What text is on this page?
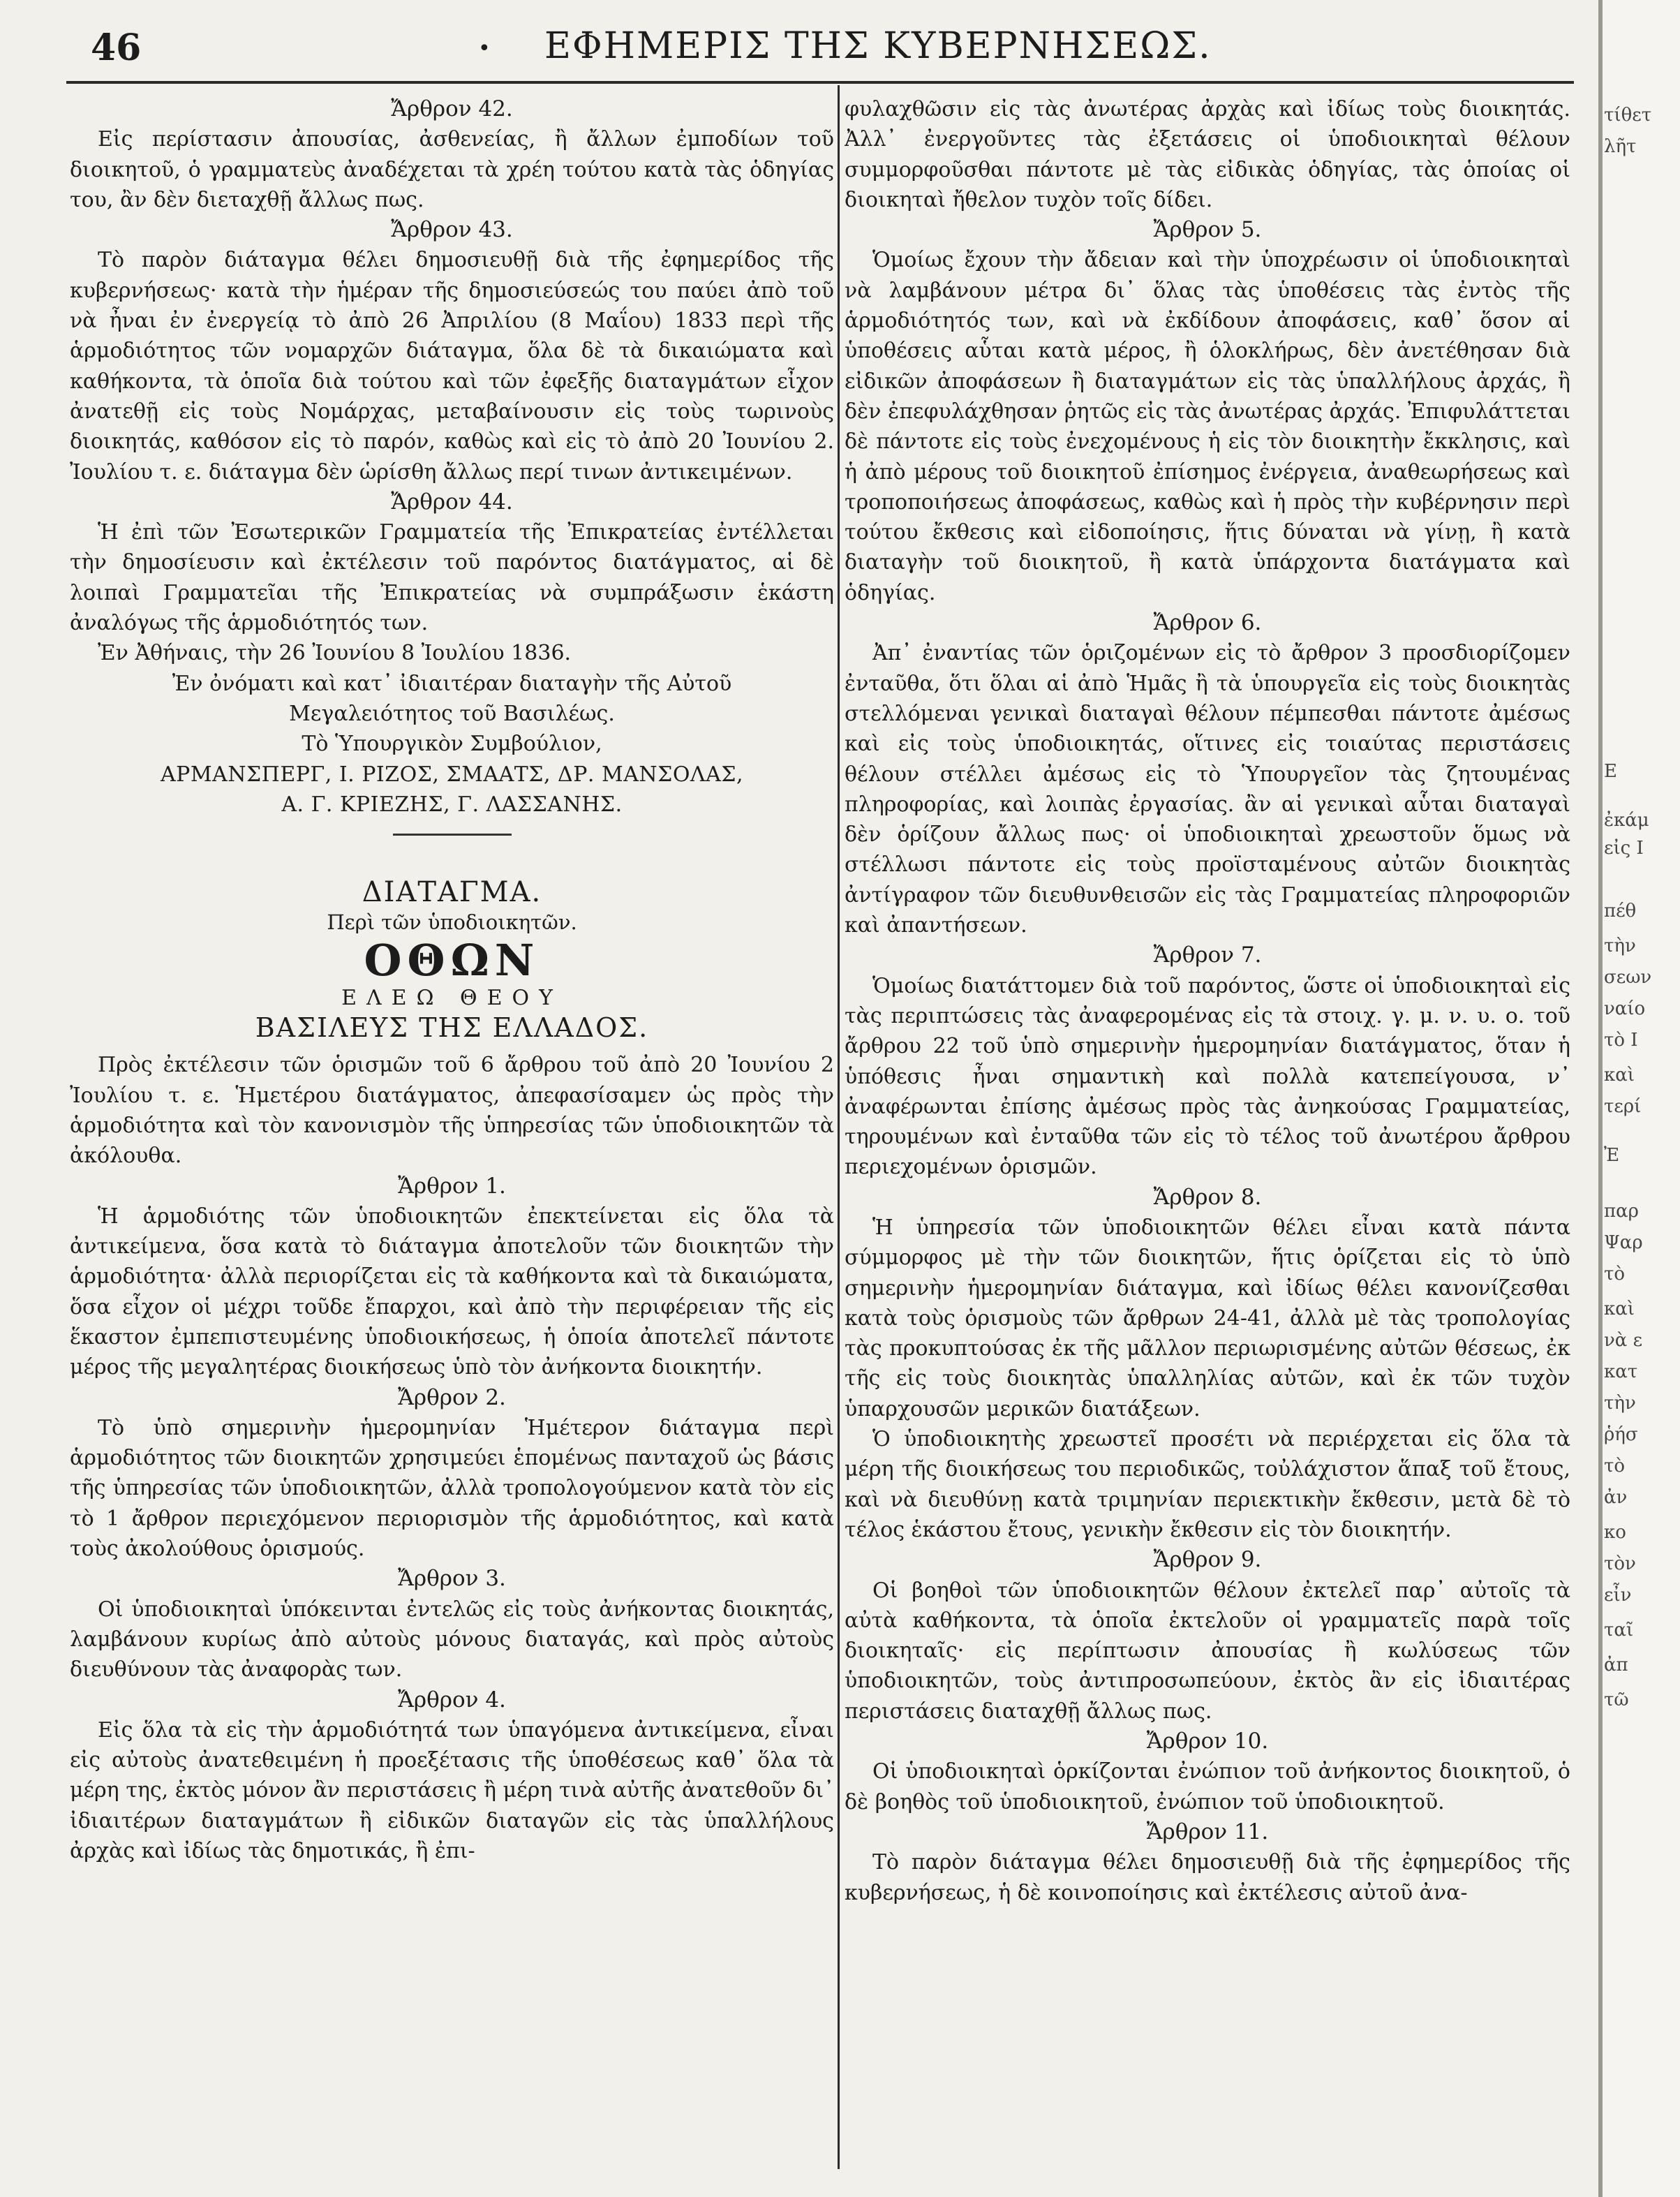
46	• ΕΦΗΜΕΡΙΣ ΤΗΣ ΚΥΒΕΡΝΗΣΕΩΣ.

Ἄρθρον 42.

Εἰς περίστασιν ἀπουσίας, ἀσθενείας, ἢ ἄλλων ἐμποδίων τοῦ διοικητοῦ, ὁ γραμματεὺς ἀναδέχεται τὰ χρέη τούτου κατὰ τὰς ὁδηγίας του, ἂν δὲν διεταχθῇ ἄλλως πως.

Ἄρθρον 43.

Τὸ παρὸν διάταγμα θέλει δημοσιευθῇ διὰ τῆς ἐφημερίδος τῆς κυβερνήσεως· κατὰ τὴν ἡμέραν τῆς δημοσιεύσεώς του παύει ἀπὸ τοῦ νὰ ἦναι ἐν ἐνεργείᾳ τὸ ἀπὸ 26 Ἀπριλίου (8 Μαΐου) 1833 περὶ τῆς ἁρμοδιότητος τῶν νομαρχῶν διάταγμα, ὅλα δὲ τὰ δικαιώματα καὶ καθήκοντα, τὰ ὁποῖα διὰ τούτου καὶ τῶν ἐφεξῆς διαταγμάτων εἶχον ἀνατεθῇ εἰς τοὺς Νομάρχας, μεταβαίνουσιν εἰς τοὺς τωρινοὺς διοικητάς, καθόσον εἰς τὸ παρόν, καθὼς καὶ εἰς τὸ ἀπὸ 20 Ἰουνίου 2. Ἰουλίου τ. ε. διάταγμα δὲν ὡρίσθη ἄλλως περί τινων ἀντικειμένων.

Ἄρθρον 44.

Ἡ ἐπὶ τῶν Ἐσωτερικῶν Γραμματεία τῆς Ἐπικρατείας ἐντέλλεται τὴν δημοσίευσιν καὶ ἐκτέλεσιν τοῦ παρόντος διατάγματος, αἱ δὲ λοιπαὶ Γραμματεῖαι τῆς Ἐπικρατείας νὰ συμπράξωσιν ἑκάστη ἀναλόγως τῆς ἁρμοδιότητός των.

Ἐν Ἀθήναις, τὴν 26 Ἰουνίου 8 Ἰουλίου 1836.

Ἐν ὀνόματι καὶ κατ᾽ ἰδιαιτέραν διαταγὴν τῆς Αὐτοῦ

Μεγαλειότητος τοῦ Βασιλέως.

Τὸ Ὑπουργικὸν Συμβούλιον,

ΑΡΜΑΝΣΠΕΡΓ, Ι. ΡΙΖΟΣ, ΣΜΑΑΤΣ, ΔΡ. ΜΑΝΣΟΛΑΣ,

Α. Γ. ΚΡΙΕΖΗΣ, Γ. ΛΑΣΣΑΝΗΣ.

ΔΙΑΤΑΓΜΑ.

Περὶ τῶν ὑποδιοικητῶν.

ΟΘΩΝ

ΕΛΕΩ ΘΕΟΥ

ΒΑΣΙΛΕΥΣ ΤΗΣ ΕΛΛΑΔΟΣ.

Πρὸς ἐκτέλεσιν τῶν ὁρισμῶν τοῦ 6 ἄρθρου τοῦ ἀπὸ 20 Ἰουνίου 2 Ἰουλίου τ. ε. Ἡμετέρου διατάγματος, ἀπεφασίσαμεν ὡς πρὸς τὴν ἁρμοδιότητα καὶ τὸν κανονισμὸν τῆς ὑπηρεσίας τῶν ὑποδιοικητῶν τὰ ἀκόλουθα.

Ἄρθρον 1.

Ἡ ἁρμοδιότης τῶν ὑποδιοικητῶν ἐπεκτείνεται εἰς ὅλα τὰ ἀντικείμενα, ὅσα κατὰ τὸ διάταγμα ἀποτελοῦν τῶν διοικητῶν τὴν ἁρμοδιότητα· ἀλλὰ περιορίζεται εἰς τὰ καθήκοντα καὶ τὰ δικαιώματα, ὅσα εἶχον οἱ μέχρι τοῦδε ἔπαρχοι, καὶ ἀπὸ τὴν περιφέρειαν τῆς εἰς ἕκαστον ἐμπεπιστευμένης ὑποδιοικήσεως, ἡ ὁποία ἀποτελεῖ πάντοτε μέρος τῆς μεγαλητέρας διοικήσεως ὑπὸ τὸν ἀνήκοντα διοικητήν.

Ἄρθρον 2.

Τὸ ὑπὸ σημερινὴν ἡμερομηνίαν Ἡμέτερον διάταγμα περὶ ἁρμοδιότητος τῶν διοικητῶν χρησιμεύει ἑπομένως πανταχοῦ ὡς βάσις τῆς ὑπηρεσίας τῶν ὑποδιοικητῶν, ἀλλὰ τροπολογούμενον κατὰ τὸν εἰς τὸ 1 ἄρθρον περιεχόμενον περιορισμὸν τῆς ἁρμοδιότητος, καὶ κατὰ τοὺς ἀκολούθους ὁρισμούς.

Ἄρθρον 3.

Οἱ ὑποδιοικηταὶ ὑπόκεινται ἐντελῶς εἰς τοὺς ἀνήκοντας διοικητάς, λαμβάνουν κυρίως ἀπὸ αὐτοὺς μόνους διαταγάς, καὶ πρὸς αὐτοὺς διευθύνουν τὰς ἀναφορὰς των.

Ἄρθρον 4.

Εἰς ὅλα τὰ εἰς τὴν ἁρμοδιότητά των ὑπαγόμενα ἀντικείμενα, εἶναι εἰς αὐτοὺς ἀνατεθειμένη ἡ προεξέτασις τῆς ὑποθέσεως καθ᾽ ὅλα τὰ μέρη της, ἐκτὸς μόνον ἂν περιστάσεις ἢ μέρη τινὰ αὐτῆς ἀνατεθοῦν δι᾽ ἰδιαιτέρων διαταγμάτων ἢ εἰδικῶν διαταγῶν εἰς τὰς ὑπαλλήλους ἀρχὰς καὶ ἰδίως τὰς δημοτικάς, ἢ ἐπι-

φυλαχθῶσιν εἰς τὰς ἀνωτέρας ἀρχὰς καὶ ἰδίως τοὺς διοικητάς. Ἀλλ᾽ ἐνεργοῦντες τὰς ἐξετάσεις οἱ ὑποδιοικηταὶ θέλουν συμμορφοῦσθαι πάντοτε μὲ τὰς εἰδικὰς ὁδηγίας, τὰς ὁποίας οἱ διοικηταὶ ἤθελον τυχὸν τοῖς δίδει.

Ἄρθρον 5.

Ὁμοίως ἔχουν τὴν ἄδειαν καὶ τὴν ὑποχρέωσιν οἱ ὑποδιοικηταὶ νὰ λαμβάνουν μέτρα δι᾽ ὅλας τὰς ὑποθέσεις τὰς ἐντὸς τῆς ἁρμοδιότητός των, καὶ νὰ ἐκδίδουν ἀποφάσεις, καθ᾽ ὅσον αἱ ὑποθέσεις αὗται κατὰ μέρος, ἢ ὁλοκλήρως, δὲν ἀνετέθησαν διὰ εἰδικῶν ἀποφάσεων ἢ διαταγμάτων εἰς τὰς ὑπαλλήλους ἀρχάς, ἢ δὲν ἐπεφυλάχθησαν ῥητῶς εἰς τὰς ἀνωτέρας ἀρχάς. Ἐπιφυλάττεται δὲ πάντοτε εἰς τοὺς ἐνεχομένους ἡ εἰς τὸν διοικητὴν ἔκκλησις, καὶ ἡ ἀπὸ μέρους τοῦ διοικητοῦ ἐπίσημος ἐνέργεια, ἀναθεωρήσεως καὶ τροποποιήσεως ἀποφάσεως, καθὼς καὶ ἡ πρὸς τὴν κυβέρνησιν περὶ τούτου ἔκθεσις καὶ εἰδοποίησις, ἥτις δύναται νὰ γίνῃ, ἢ κατὰ διαταγὴν τοῦ διοικητοῦ, ἢ κατὰ ὑπάρχοντα διατάγματα καὶ ὁδηγίας.

Ἄρθρον 6.

Ἀπ᾽ ἐναντίας τῶν ὁριζομένων εἰς τὸ ἄρθρον 3 προσδιορίζομεν ἐνταῦθα, ὅτι ὅλαι αἱ ἀπὸ Ἡμᾶς ἢ τὰ ὑπουργεῖα εἰς τοὺς διοικητὰς στελλόμεναι γενικαὶ διαταγαὶ θέλουν πέμπεσθαι πάντοτε ἀμέσως καὶ εἰς τοὺς ὑποδιοικητάς, οἵτινες εἰς τοιαύτας περιστάσεις θέλουν στέλλει ἀμέσως εἰς τὸ Ὑπουργεῖον τὰς ζητουμένας πληροφορίας, καὶ λοιπὰς ἐργασίας. ἂν αἱ γενικαὶ αὗται διαταγαὶ δὲν ὁρίζουν ἄλλως πως· οἱ ὑποδιοικηταὶ χρεωστοῦν ὅμως νὰ στέλλωσι πάντοτε εἰς τοὺς προϊσταμένους αὐτῶν διοικητὰς ἀντίγραφον τῶν διευθυνθεισῶν εἰς τὰς Γραμματείας πληροφοριῶν καὶ ἀπαντήσεων.

Ἄρθρον 7.

Ὁμοίως διατάττομεν διὰ τοῦ παρόντος, ὥστε οἱ ὑποδιοικηταὶ εἰς τὰς περιπτώσεις τὰς ἀναφερομένας εἰς τὰ στοιχ. γ. μ. ν. υ. ο. τοῦ ἄρθρου 22 τοῦ ὑπὸ σημερινὴν ἡμερομηνίαν διατάγματος, ὅταν ἡ ὑπόθεσις ἦναι σημαντικὴ καὶ πολλὰ κατεπείγουσα, ν᾽ ἀναφέρωνται ἐπίσης ἀμέσως πρὸς τὰς ἀνηκούσας Γραμματείας, τηρουμένων καὶ ἐνταῦθα τῶν εἰς τὸ τέλος τοῦ ἀνωτέρου ἄρθρου περιεχομένων ὁρισμῶν.

Ἄρθρον 8.

Ἡ ὑπηρεσία τῶν ὑποδιοικητῶν θέλει εἶναι κατὰ πάντα σύμμορφος μὲ τὴν τῶν διοικητῶν, ἥτις ὁρίζεται εἰς τὸ ὑπὸ σημερινὴν ἡμερομηνίαν διάταγμα, καὶ ἰδίως θέλει κανονίζεσθαι κατὰ τοὺς ὁρισμοὺς τῶν ἄρθρων 24-41, ἀλλὰ μὲ τὰς τροπολογίας τὰς προκυπτούσας ἐκ τῆς μᾶλλον περιωρισμένης αὐτῶν θέσεως, ἐκ τῆς εἰς τοὺς διοικητὰς ὑπαλληλίας αὐτῶν, καὶ ἐκ τῶν τυχὸν ὑπαρχουσῶν μερικῶν διατάξεων.

Ὁ ὑποδιοικητὴς χρεωστεῖ προσέτι νὰ περιέρχεται εἰς ὅλα τὰ μέρη τῆς διοικήσεως του περιοδικῶς, τοὐλάχιστον ἅπαξ τοῦ ἔτους, καὶ νὰ διευθύνῃ κατὰ τριμηνίαν περιεκτικὴν ἔκθεσιν, μετὰ δὲ τὸ τέλος ἑκάστου ἔτους, γενικὴν ἔκθεσιν εἰς τὸν διοικητήν.

Ἄρθρον 9.

Οἱ βοηθοὶ τῶν ὑποδιοικητῶν θέλουν ἐκτελεῖ παρ᾽ αὐτοῖς τὰ αὐτὰ καθήκοντα, τὰ ὁποῖα ἐκτελοῦν οἱ γραμματεῖς παρὰ τοῖς διοικηταῖς· εἰς περίπτωσιν ἀπουσίας ἢ κωλύσεως τῶν ὑποδιοικητῶν, τοὺς ἀντιπροσωπεύουν, ἐκτὸς ἂν εἰς ἰδιαιτέρας περιστάσεις διαταχθῇ ἄλλως πως.

Ἄρθρον 10.

Οἱ ὑποδιοικηταὶ ὁρκίζονται ἐνώπιον τοῦ ἀνήκοντος διοικητοῦ, ὁ δὲ βοηθὸς τοῦ ὑποδιοικητοῦ, ἐνώπιον τοῦ ὑποδιοικητοῦ.

Ἄρθρον 11.

Τὸ παρὸν διάταγμα θέλει δημοσιευθῇ διὰ τῆς ἐφημερίδος τῆς κυβερνήσεως, ἡ δὲ κοινοποίησις καὶ ἐκτέλεσις αὐτοῦ ἀνα-

τίθετ
λῆτ
Ε
ἐκάμ
εἰς Ι
πέθ
τὴν
σεων
ναίο
τὸ Ι
καὶ
τερί
Ἐ
παρ
Ψαρ
τὸ
καὶ
νὰ ε
κατ
τὴν
ῥήσ
τὸ
ἀν
κο
τὸν
εἶν
ταῖ
ἀπ
τῶ
